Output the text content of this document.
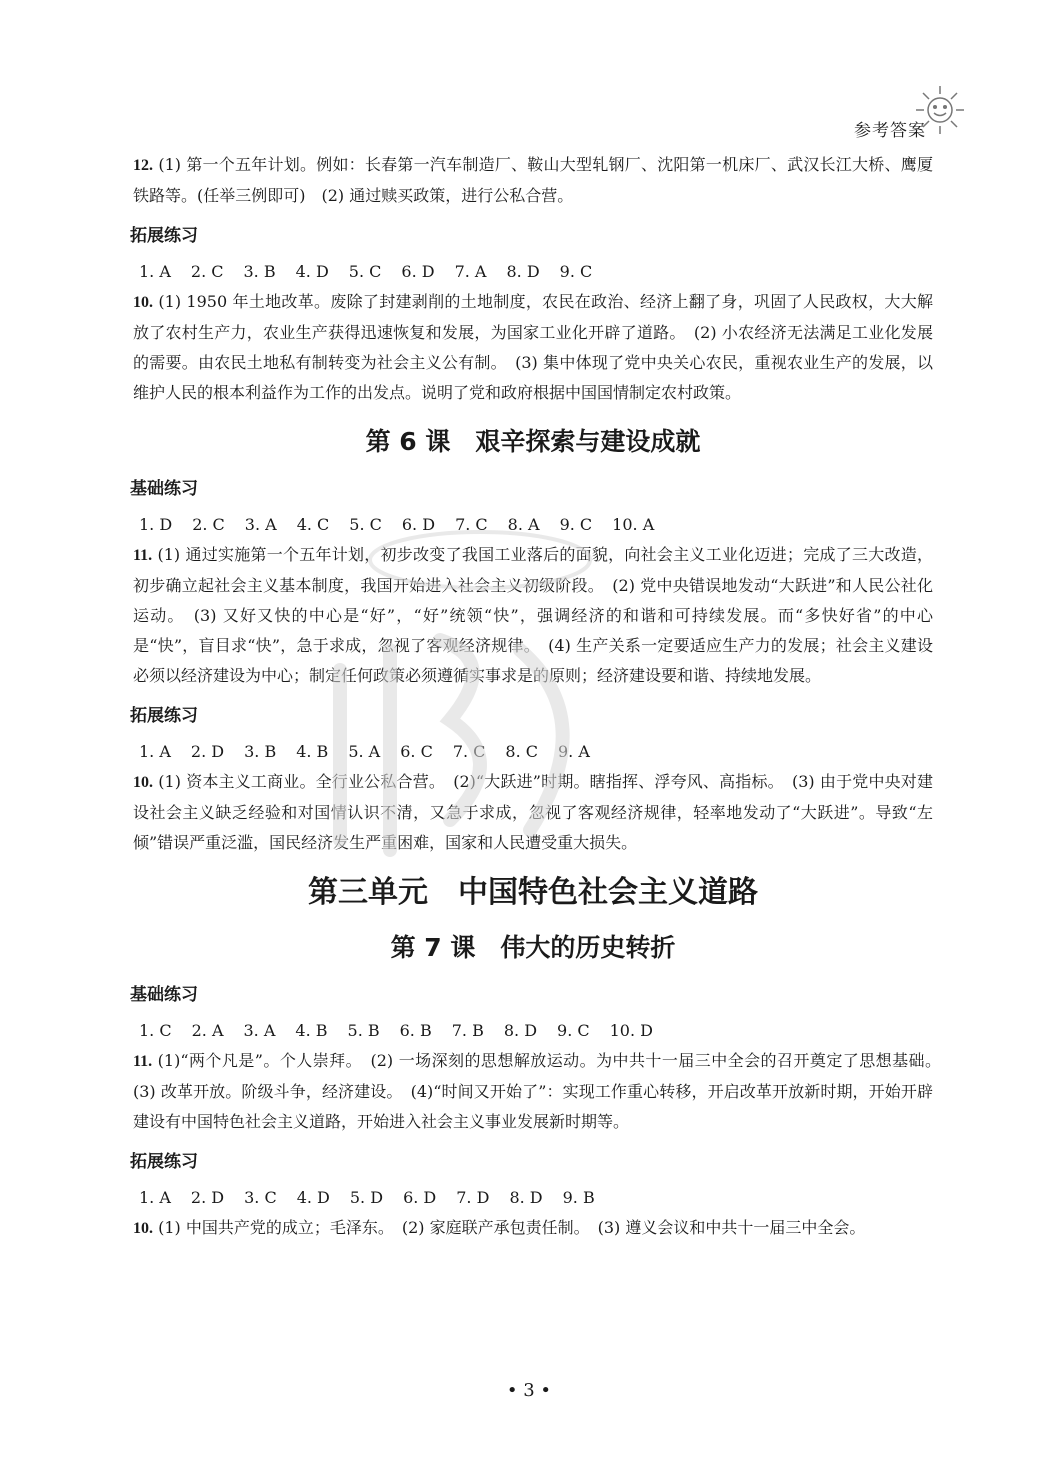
参考答案

12. (1) 第一个五年计划。例如：长春第一汽车制造厂、鞍山大型轧钢厂、沈阳第一机床厂、武汉长江大桥、鹰厦铁路等。(任举三例即可)　(2) 通过赎买政策，进行公私合营。

拓展练习
1. A 2. C 3. B 4. D 5. C 6. D 7. A 8. D 9. C

10. (1) 1950 年土地改革。废除了封建剥削的土地制度，农民在政治、经济上翻了身，巩固了人民政权，大大解放了农村生产力，农业生产获得迅速恢复和发展，为国家工业化开辟了道路。　(2) 小农经济无法满足工业化发展的需要。由农民土地私有制转变为社会主义公有制。　(3) 集中体现了党中央关心农民，重视农业生产的发展，以维护人民的根本利益作为工作的出发点。说明了党和政府根据中国国情制定农村政策。

第 6 课　艰辛探索与建设成就
基础练习
1. D 2. C 3. A 4. C 5. C 6. D 7. C 8. A 9. C 10. A

11. (1) 通过实施第一个五年计划，初步改变了我国工业落后的面貌，向社会主义工业化迈进；完成了三大改造，初步确立起社会主义基本制度，我国开始进入社会主义初级阶段。　(2) 党中央错误地发动“大跃进”和人民公社化运动。　(3) 又好又快的中心是“好”，“好”统领“快”，强调经济的和谐和可持续发展。而“多快好省”的中心是“快”，盲目求“快”，急于求成，忽视了客观经济规律。　(4) 生产关系一定要适应生产力的发展；社会主义建设必须以经济建设为中心；制定任何政策必须遵循实事求是的原则；经济建设要和谐、持续地发展。

拓展练习
1. A 2. D 3. B 4. B 5. A 6. C 7. C 8. C 9. A

10. (1) 资本主义工商业。全行业公私合营。　(2)“大跃进”时期。瞎指挥、浮夸风、高指标。　(3) 由于党中央对建设社会主义缺乏经验和对国情认识不清，又急于求成，忽视了客观经济规律，轻率地发动了“大跃进”。导致“左倾”错误严重泛滥，国民经济发生严重困难，国家和人民遭受重大损失。

第三单元　中国特色社会主义道路
第 7 课　伟大的历史转折
基础练习
1. C 2. A 3. A 4. B 5. B 6. B 7. B 8. D 9. C 10. D

11. (1)“两个凡是”。个人崇拜。　(2) 一场深刻的思想解放运动。为中共十一届三中全会的召开奠定了思想基础。　(3) 改革开放。阶级斗争，经济建设。　(4)“时间又开始了”：实现工作重心转移，开启改革开放新时期，开始开辟建设有中国特色社会主义道路，开始进入社会主义事业发展新时期等。

拓展练习
1. A 2. D 3. C 4. D 5. D 6. D 7. D 8. D 9. B

10. (1) 中国共产党的成立；毛泽东。　(2) 家庭联产承包责任制。　(3) 遵义会议和中共十一届三中全会。

• 3 •
